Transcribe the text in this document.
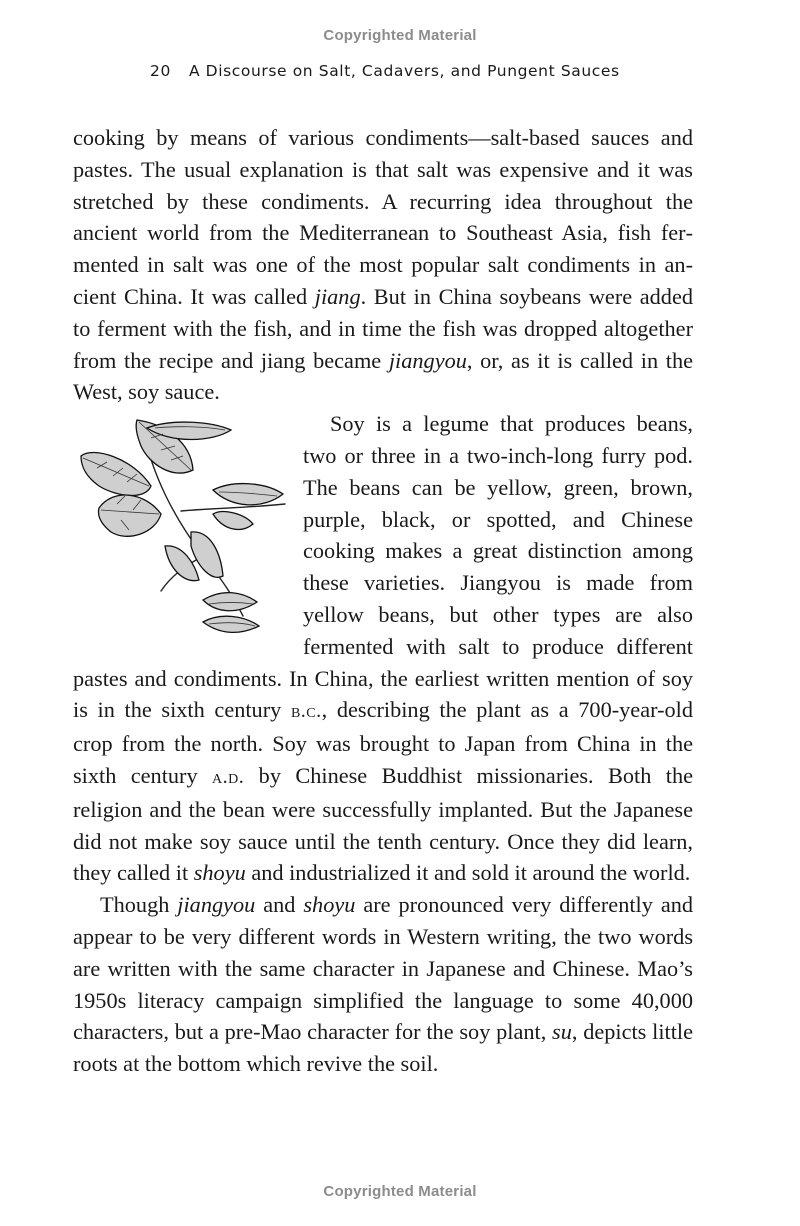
Copyrighted Material
20 A Discourse on Salt, Cadavers, and Pungent Sauces

cooking by means of various condiments—salt-based sauces and pastes. The usual explanation is that salt was expensive and it was stretched by these condiments. A recurring idea throughout the ancient world from the Mediterranean to Southeast Asia, fish fermented in salt was one of the most popular salt condiments in ancient China. It was called jiang. But in China soybeans were added to ferment with the fish, and in time the fish was dropped altogether from the recipe and jiang became jiangyou, or, as it is called in the West, soy sauce.

Soy is a legume that produces beans, two or three in a two-inch-long furry pod. The beans can be yellow, green, brown, purple, black, or spotted, and Chinese cooking makes a great distinction among these varieties. Jiangyou is made from yellow beans, but other types are also fermented with salt to produce different pastes and condiments. In China, the earliest written mention of soy is in the sixth century b.c., describing the plant as a 700-year-old crop from the north. Soy was brought to Japan from China in the sixth century a.d. by Chinese Buddhist missionaries. Both the religion and the bean were successfully implanted. But the Japanese did not make soy sauce until the tenth century. Once they did learn, they called it shoyu and industrialized it and sold it around the world.

Though jiangyou and shoyu are pronounced very differently and appear to be very different words in Western writing, the two words are written with the same character in Japanese and Chinese. Mao’s 1950s literacy campaign simplified the language to some 40,000 characters, but a pre-Mao character for the soy plant, su, depicts little roots at the bottom which revive the soil.

Copyrighted Material
